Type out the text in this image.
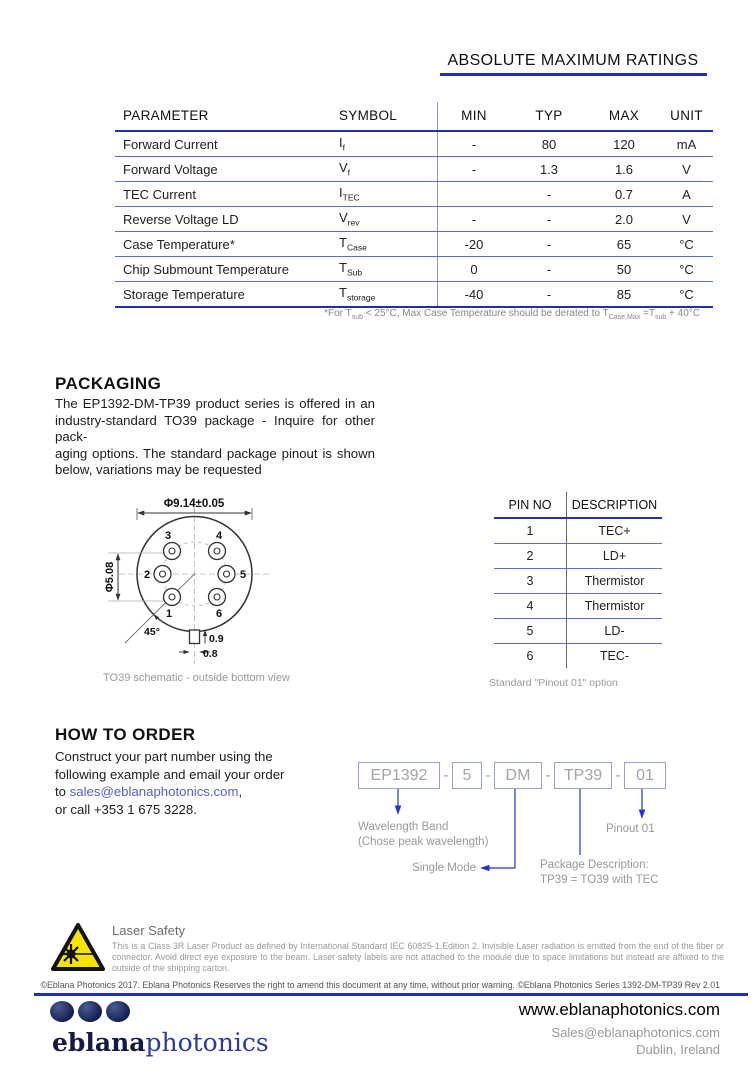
ABSOLUTE MAXIMUM RATINGS
PARAMETER	SYMBOL	MIN	TYP	MAX	UNIT
Forward Current	$I_f$	-	80	120	mA
Forward Voltage	$V_f$	-	1.3	1.6	V
TEC Current	$I_{TEC}$		-	0.7	A
Reverse Voltage LD	$V_{rev}$	-	-	2.0	V
Case Temperature*	$T_{Case}$	-20	-	65	°C
Chip Submount Temperature	$T_{Sub}$	0	-	50	°C
Storage Temperature	$T_{storage}$	-40	-	85	°C
*For $T_{sub} < 25^\circ C$, Max Case Temperature should be derated to $T_{Case,Max} =T_{sub} + 40^\circ C$
PACKAGING
The EP1392-DM-TP39 product series is offered in an
industry-standard TO39 package - Inquire for other pack-
aging options. The standard package pinout is shown
below, variations may be requested
Φ9.14±0.05
Φ5.08
3	4
2	5
1	6
0.9
0.8
45°
TO39 schematic - outside bottom view
PIN NO	DESCRIPTION
1	TEC+
2	LD+
3	Thermistor
4	Thermistor
5	LD-
6	TEC-
Standard "Pinout 01" option
HOW TO ORDER
Construct your part number using the
following example and email your order
to sales@eblanaphotonics.com,
or call +353 1 675 3228.
EP1392	- 5 - DM	- TP39 - 01
Wavelength Band
(Chose peak wavelength)
Pinout 01
Single Mode	Package Description:
TP39 = TO39 with TEC
Laser Safety
This is a Class 3R Laser Product as defined by International Standard IEC 60825-1,Edition 2. Invisible Laser radiation is emitted from the end of the fiber or connector. Avoid direct eye exposure to the beam. Laser safety labels are not attached to the module due to space limitations but instead are affixed to the outside of the shipping carton.
©Eblana Photonics 2017. Eblana Photonics Reserves the right to amend this document at any time, without prior warning. ©Eblana Photonics Series 1392-DM-TP39 Rev 2.01
eblanaphotonics
www.eblanaphotonics.com
Sales@eblanaphotonics.com
Dublin, Ireland
